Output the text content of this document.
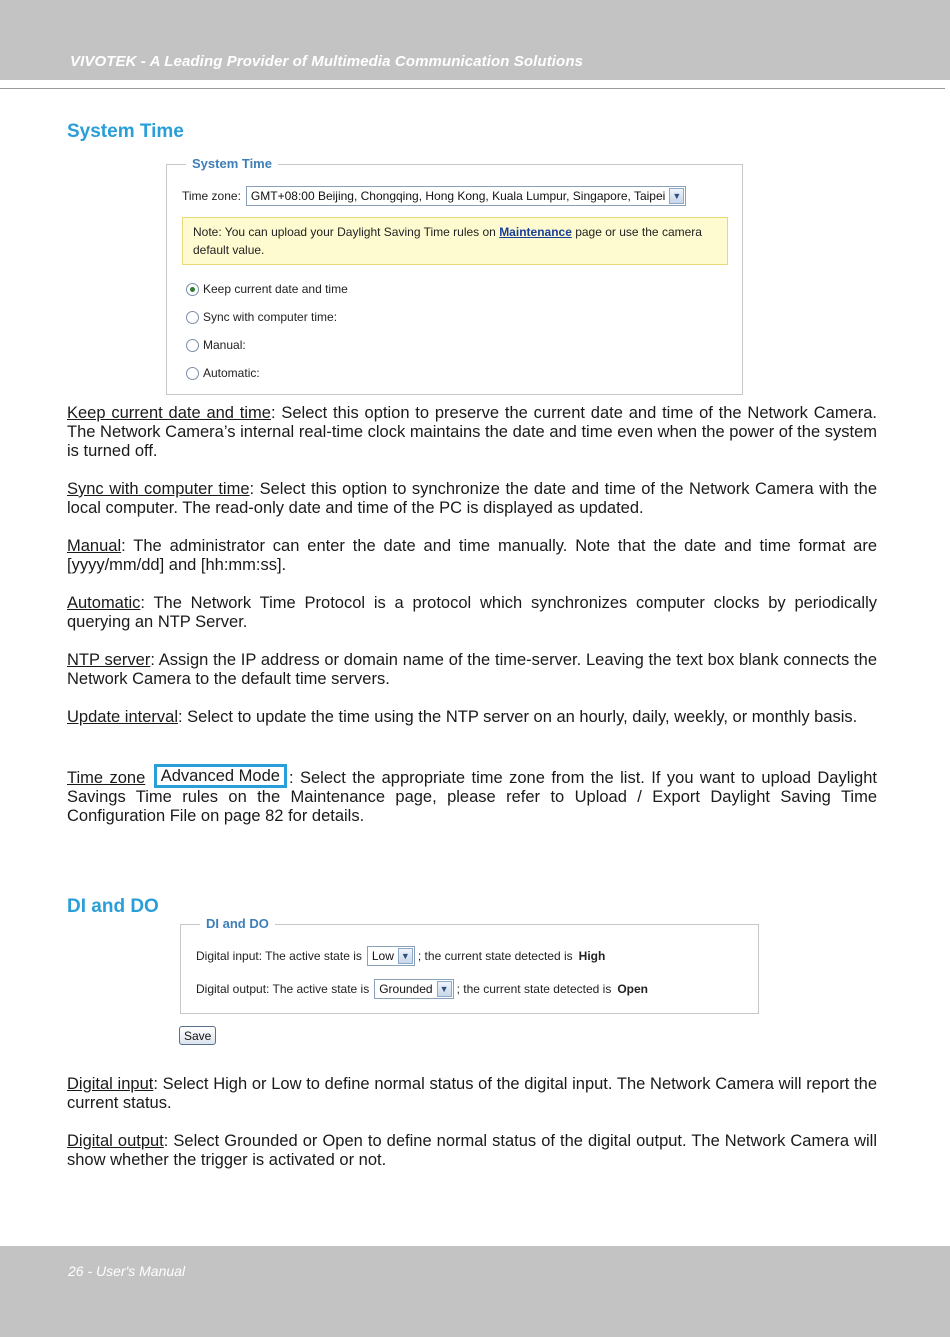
VIVOTEK - A Leading Provider of Multimedia Communication Solutions
System Time
System Time
Time zone: GMT+08:00 Beijing, Chongqing, Hong Kong, Kuala Lumpur, Singapore, Taipei ▼
Note: You can upload your Daylight Saving Time rules on Maintenance page or use the camera
default value.
Keep current date and time
Sync with computer time:
Manual:
Automatic:
Keep current date and time: Select this option to preserve the current date and time of the Network Camera. The Network Camera’s internal real-time clock maintains the date and time even when the power of the system is turned off.
Sync with computer time: Select this option to synchronize the date and time of the Network Camera with the local computer. The read-only date and time of the PC is displayed as updated.
Manual: The administrator can enter the date and time manually. Note that the date and time format are [yyyy/mm/dd] and [hh:mm:ss].
Automatic: The Network Time Protocol is a protocol which synchronizes computer clocks by periodically querying an NTP Server.
NTP server: Assign the IP address or domain name of the time-server. Leaving the text box blank connects the Network Camera to the default time servers.
Update interval: Select to update the time using the NTP server on an hourly, daily, weekly, or monthly basis.
Time zone Advanced Mode : Select the appropriate time zone from the list. If you want to upload Daylight Savings Time rules on the Maintenance page, please refer to Upload / Export Daylight Saving Time Configuration File on page 82 for details.
DI and DO
DI and DO
Digital input: The active state is Low ▼ ; the current state detected is High
Digital output: The active state is Grounded ▼ ; the current state detected is Open
Save
Digital input: Select High or Low to define normal status of the digital input. The Network Camera will report the current status.
Digital output: Select Grounded or Open to define normal status of the digital output. The Network Camera will show whether the trigger is activated or not.
26 - User's Manual
